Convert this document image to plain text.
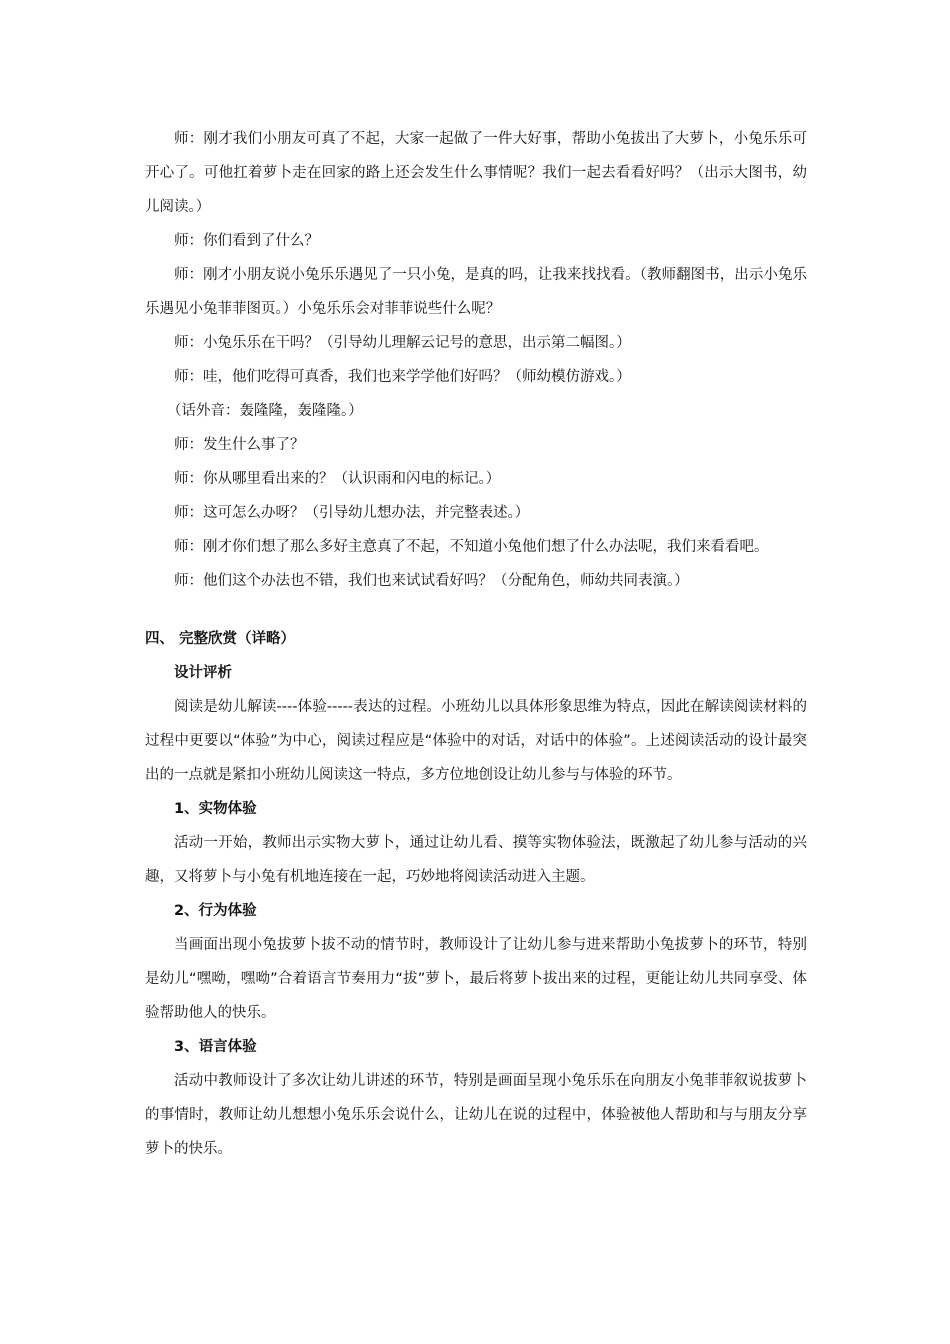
师：刚才我们小朋友可真了不起，大家一起做了一件大好事，帮助小兔拔出了大萝卜，小兔乐乐可开心了。可他扛着萝卜走在回家的路上还会发生什么事情呢？我们一起去看看好吗？（出示大图书，幼儿阅读。）

师：你们看到了什么？

师：刚才小朋友说小兔乐乐遇见了一只小兔，是真的吗，让我来找找看。（教师翻图书，出示小兔乐乐遇见小兔菲菲图页。）小兔乐乐会对菲菲说些什么呢？

师：小兔乐乐在干吗？（引导幼儿理解云记号的意思，出示第二幅图。）

师：哇，他们吃得可真香，我们也来学学他们好吗？（师幼模仿游戏。）

（话外音：轰隆隆，轰隆隆。）

师：发生什么事了？

师：你从哪里看出来的？（认识雨和闪电的标记。）

师：这可怎么办呀？（引导幼儿想办法，并完整表述。）

师：刚才你们想了那么多好主意真了不起，不知道小兔他们想了什么办法呢，我们来看看吧。

师：他们这个办法也不错，我们也来试试看好吗？（分配角色，师幼共同表演。）

四、 完整欣赏（详略）

设计评析

阅读是幼儿解读----体验-----表达的过程。小班幼儿以具体形象思维为特点，因此在解读阅读材料的过程中更要以“体验”为中心，阅读过程应是“体验中的对话，对话中的体验”。上述阅读活动的设计最突出的一点就是紧扣小班幼儿阅读这一特点，多方位地创设让幼儿参与与体验的环节。

1、实物体验

活动一开始，教师出示实物大萝卜，通过让幼儿看、摸等实物体验法，既激起了幼儿参与活动的兴趣，又将萝卜与小兔有机地连接在一起，巧妙地将阅读活动进入主题。

2、行为体验

当画面出现小兔拔萝卜拔不动的情节时，教师设计了让幼儿参与进来帮助小兔拔萝卜的环节，特别是幼儿“嘿呦，嘿呦”合着语言节奏用力“拔”萝卜，最后将萝卜拔出来的过程，更能让幼儿共同享受、体验帮助他人的快乐。

3、语言体验

活动中教师设计了多次让幼儿讲述的环节，特别是画面呈现小兔乐乐在向朋友小兔菲菲叙说拔萝卜的事情时，教师让幼儿想想小兔乐乐会说什么，让幼儿在说的过程中，体验被他人帮助和与与朋友分享萝卜的快乐。
